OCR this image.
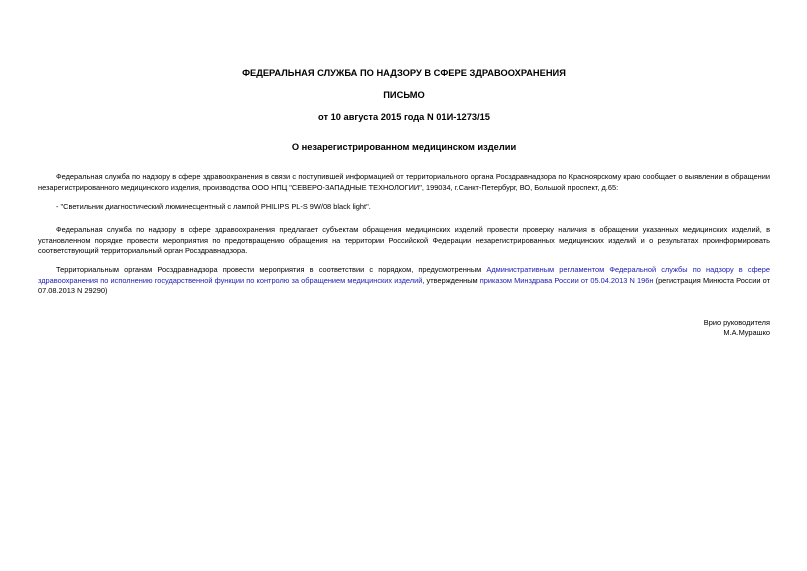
ФЕДЕРАЛЬНАЯ СЛУЖБА ПО НАДЗОРУ В СФЕРЕ ЗДРАВООХРАНЕНИЯ
ПИСЬМО
от 10 августа 2015 года N 01И-1273/15
О незарегистрированном медицинском изделии
Федеральная служба по надзору в сфере здравоохранения в связи с поступившей информацией от территориального органа Росздравнадзора по Красноярскому краю сообщает о выявлении в обращении незарегистрированного медицинского изделия, производства ООО НПЦ "СЕВЕРО-ЗАПАДНЫЕ ТЕХНОЛОГИИ", 199034, г.Санкт-Петербург, ВО, Большой проспект, д.65:
- "Светильник диагностический люминесцентный с лампой PHILIPS PL-S 9W/08 black light".
Федеральная служба по надзору в сфере здравоохранения предлагает субъектам обращения медицинских изделий провести проверку наличия в обращении указанных медицинских изделий, в установленном порядке провести мероприятия по предотвращению обращения на территории Российской Федерации незарегистрированных медицинских изделий и о результатах проинформировать соответствующий территориальный орган Росздравнадзора.
Территориальным органам Росздравнадзора провести мероприятия в соответствии с порядком, предусмотренным Административным регламентом Федеральной службы по надзору в сфере здравоохранения по исполнению государственной функции по контролю за обращением медицинских изделий, утвержденным приказом Минздрава России от 05.04.2013 N 196н (регистрация Минюста России от 07.08.2013 N 29290)
Врио руководителя
М.А.Мурашко
